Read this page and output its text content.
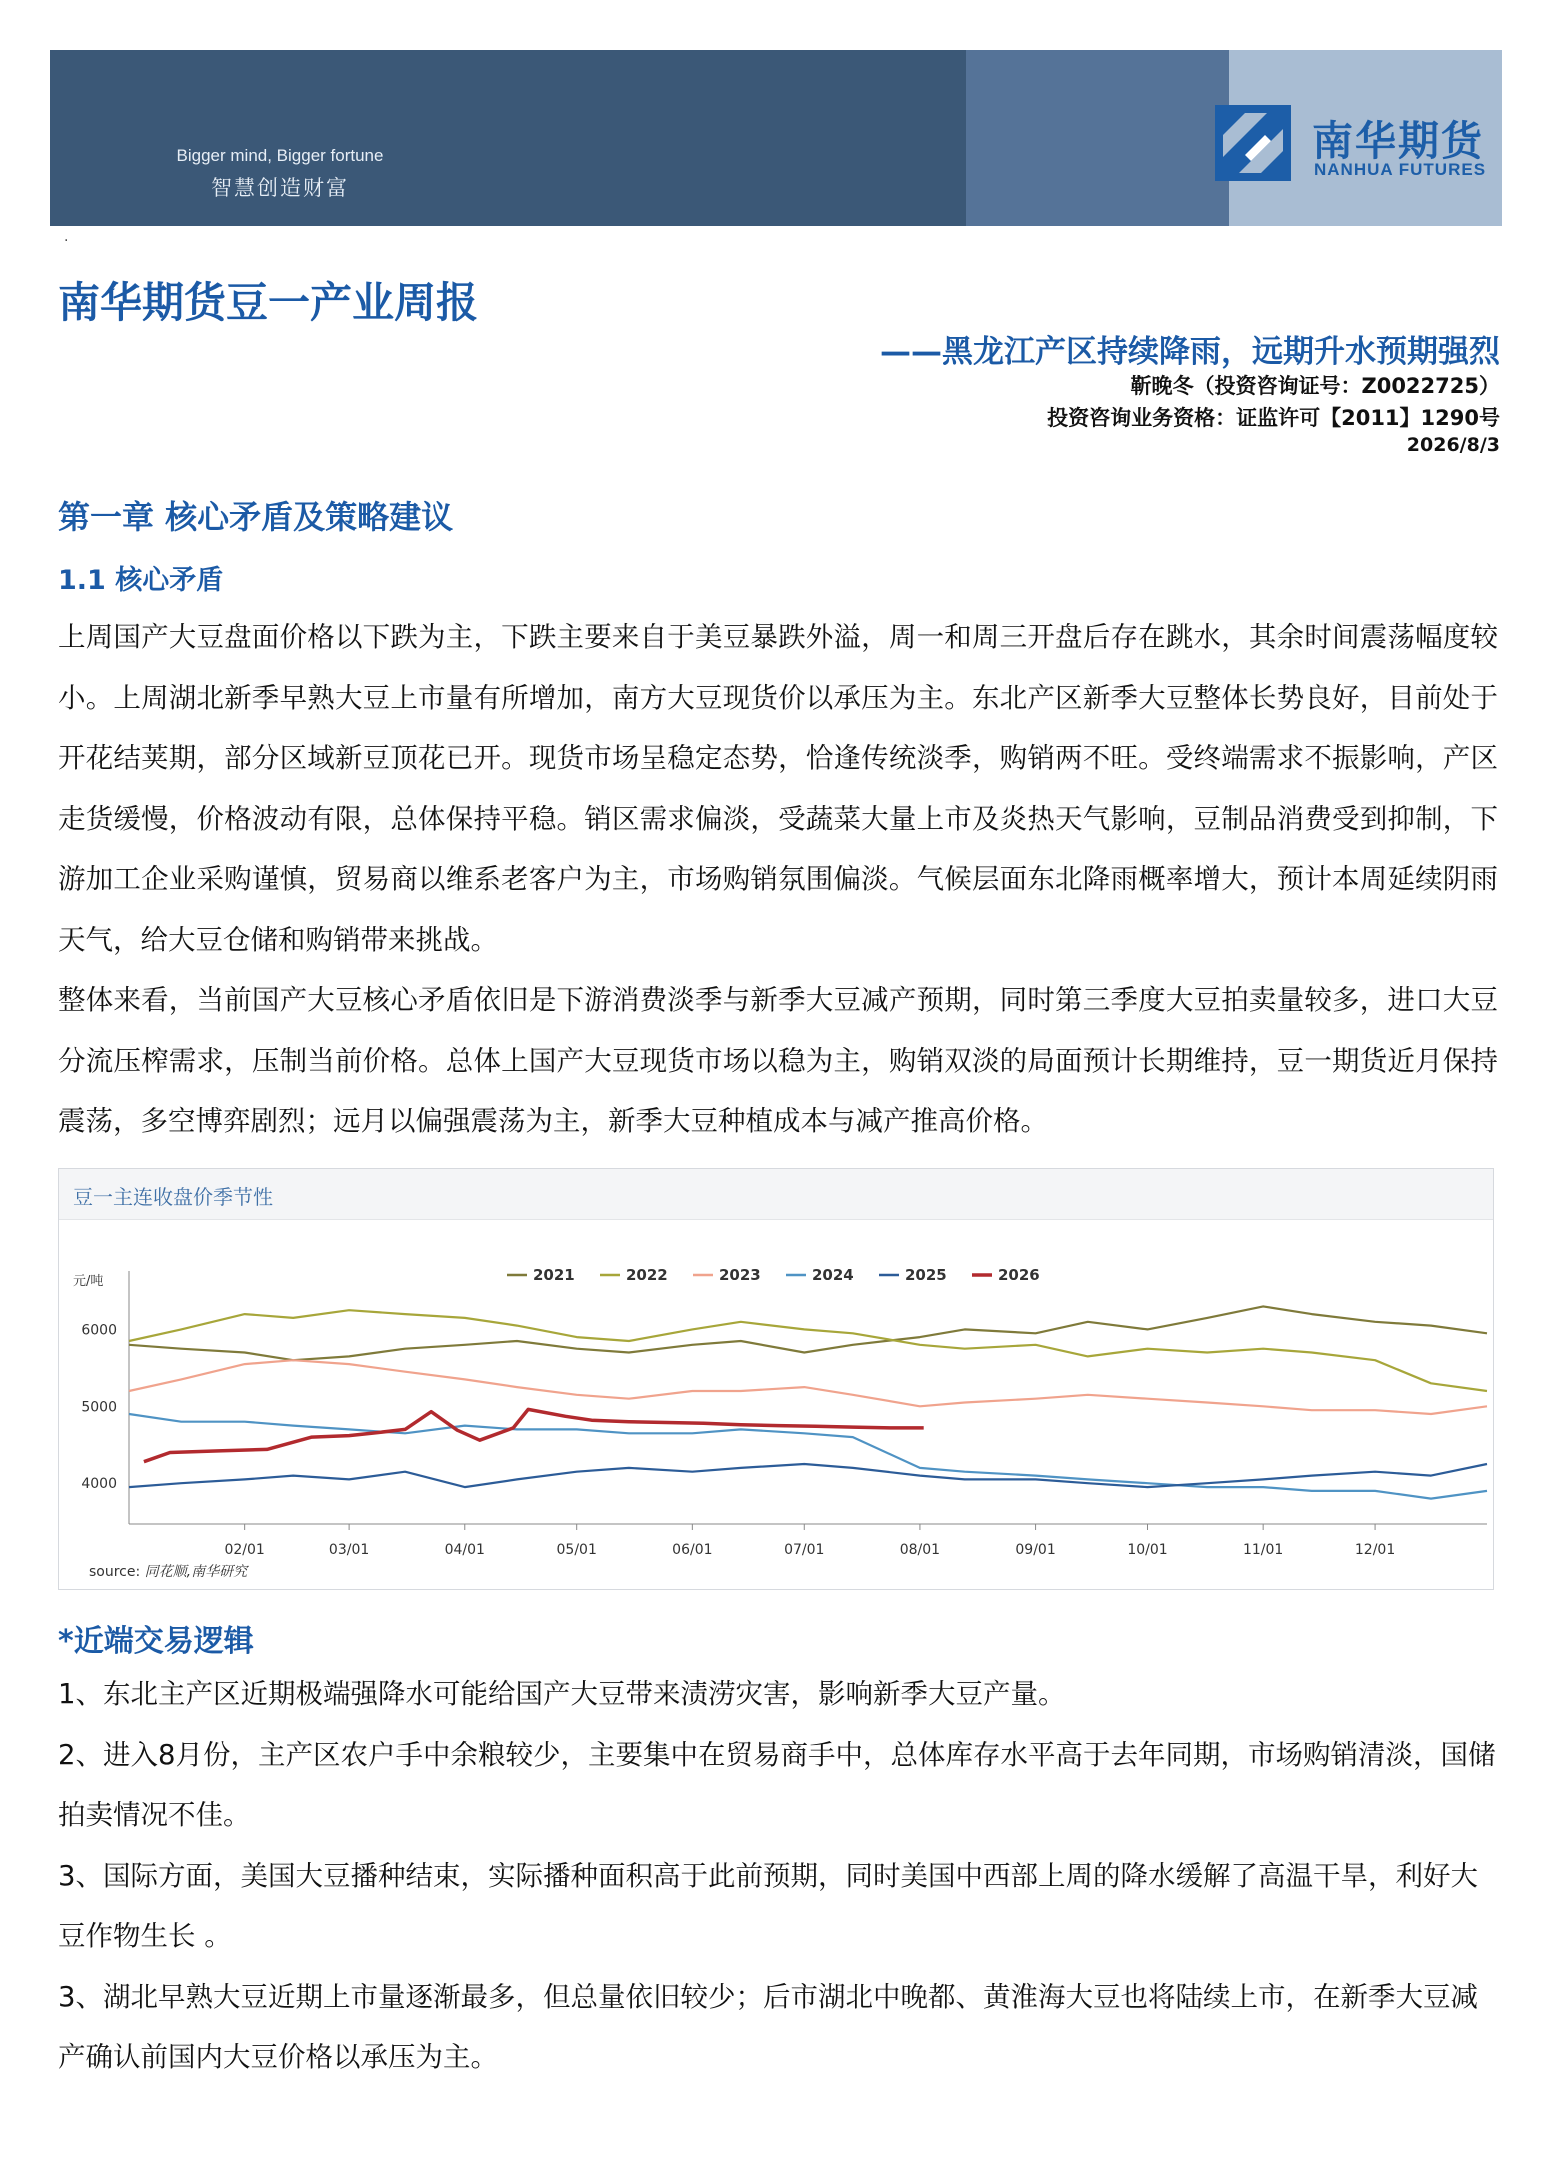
Bigger mind, Bigger fortune
智慧创造财富
南华期货
NANHUA FUTURES
.
南华期货豆一产业周报
——黑龙江产区持续降雨，远期升水预期强烈
靳晚冬（投资咨询证号：Z0022725）
投资咨询业务资格：证监许可【2011】1290号
2026/8/3
第一章 核心矛盾及策略建议
1.1 核心矛盾
上周国产大豆盘面价格以下跌为主，下跌主要来自于美豆暴跌外溢，周一和周三开盘后存在跳水，其余时间震荡幅度较小。上周湖北新季早熟大豆上市量有所增加，南方大豆现货价以承压为主。东北产区新季大豆整体长势良好，目前处于开花结荚期，部分区域新豆顶花已开。现货市场呈稳定态势，恰逢传统淡季，购销两不旺。受终端需求不振影响，产区走货缓慢，价格波动有限，总体保持平稳。销区需求偏淡，受蔬菜大量上市及炎热天气影响，豆制品消费受到抑制，下游加工企业采购谨慎，贸易商以维系老客户为主，市场购销氛围偏淡。气候层面东北降雨概率增大，预计本周延续阴雨天气，给大豆仓储和购销带来挑战。
整体来看，当前国产大豆核心矛盾依旧是下游消费淡季与新季大豆减产预期，同时第三季度大豆拍卖量较多，进口大豆分流压榨需求，压制当前价格。总体上国产大豆现货市场以稳为主，购销双淡的局面预计长期维持，豆一期货近月保持震荡，多空博弈剧烈；远月以偏强震荡为主，新季大豆种植成本与减产推高价格。
豆一主连收盘价季节性
元/吨
4000
5000
6000
02/01	03/01	04/01	05/01	06/01	07/01	08/01	09/01	10/01	11/01	12/01
2021	2022	2023	2024	2025	2026
source: 同花顺,南华研究
*近端交易逻辑

1、东北主产区近期极端强降水可能给国产大豆带来渍涝灾害，影响新季大豆产量。

2、进入8月份，主产区农户手中余粮较少，主要集中在贸易商手中，总体库存水平高于去年同期，市场购销清淡，国储拍卖情况不佳。

3、国际方面，美国大豆播种结束，实际播种面积高于此前预期，同时美国中西部上周的降水缓解了高温干旱，利好大豆作物生长 。

3、湖北早熟大豆近期上市量逐渐最多，但总量依旧较少；后市湖北中晚都、黄淮海大豆也将陆续上市，在新季大豆减产确认前国内大豆价格以承压为主。
